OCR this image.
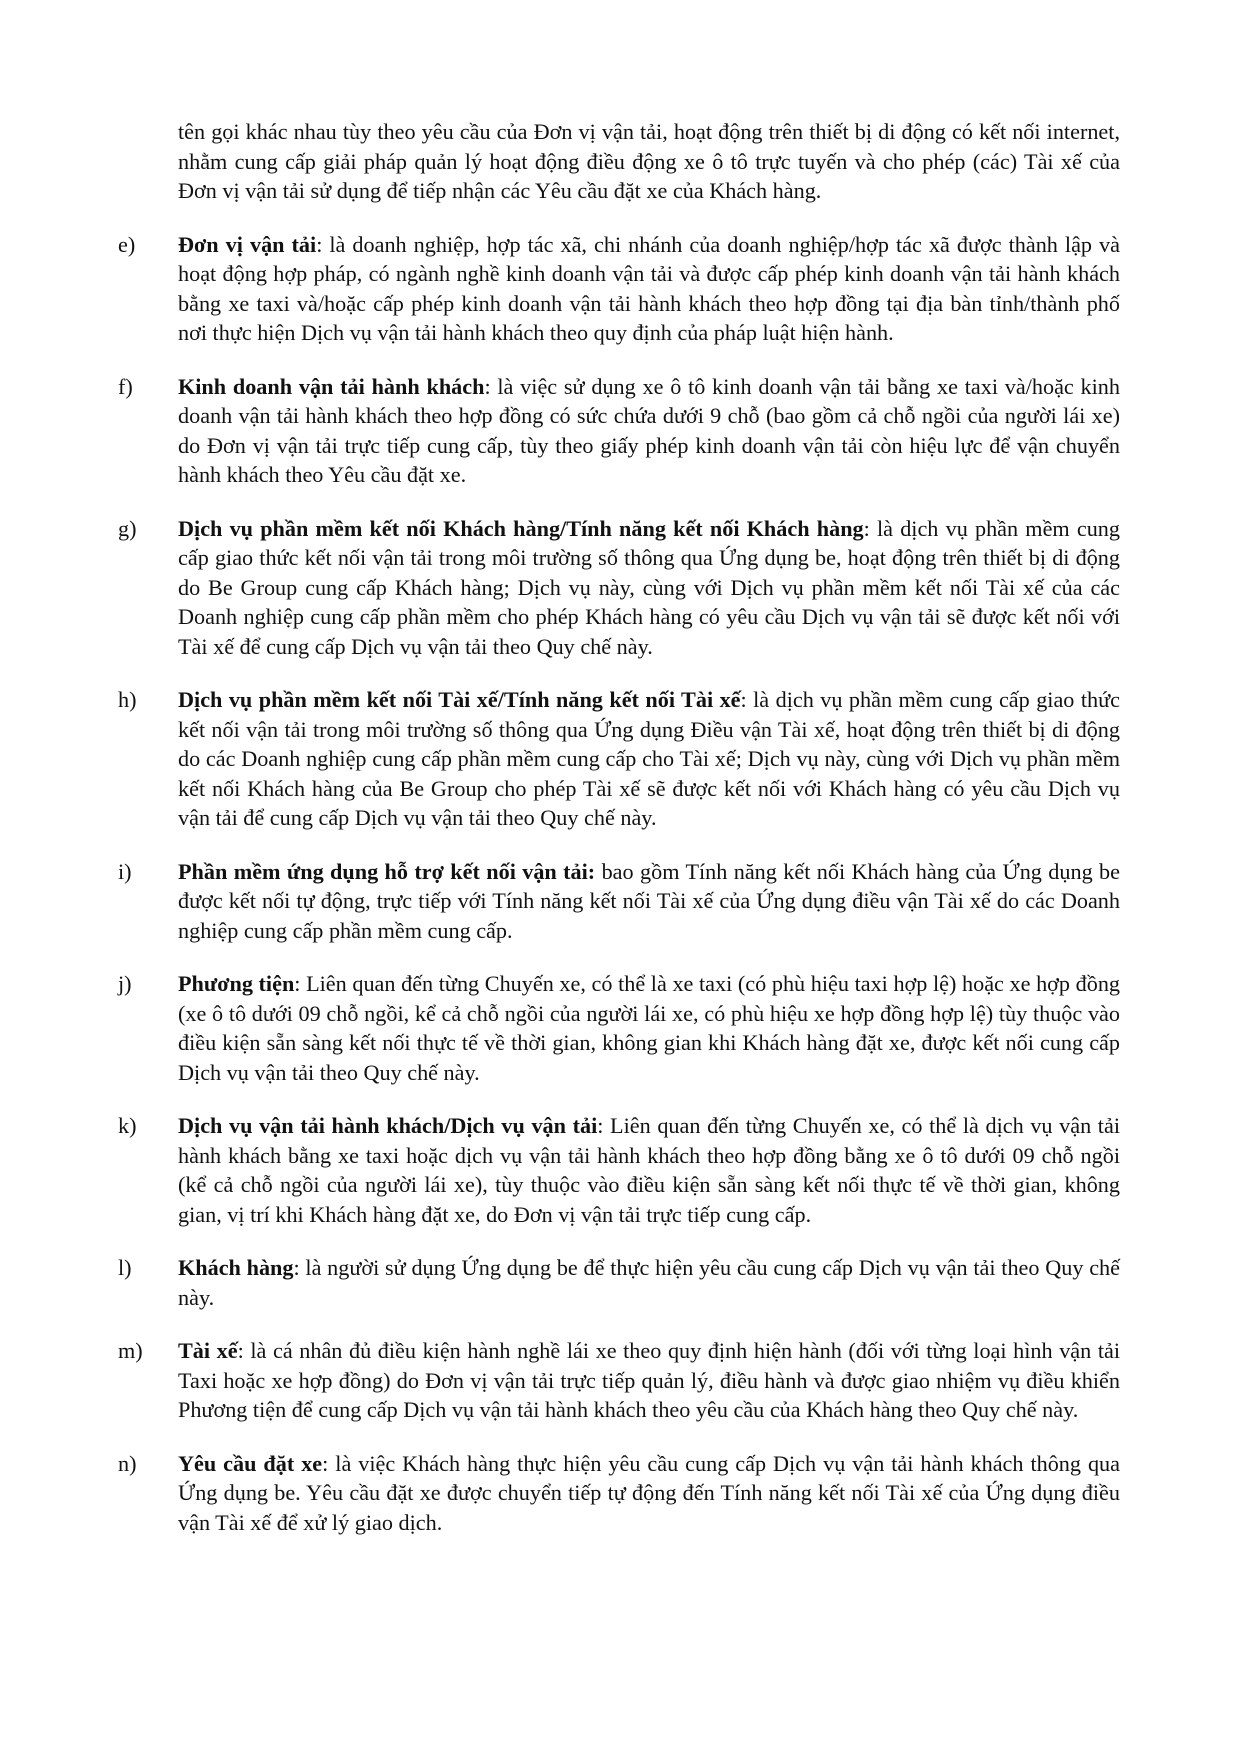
tên gọi khác nhau tùy theo yêu cầu của Đơn vị vận tải, hoạt động trên thiết bị di động có kết nối internet, nhằm cung cấp giải pháp quản lý hoạt động điều động xe ô tô trực tuyến và cho phép (các) Tài xế của Đơn vị vận tải sử dụng để tiếp nhận các Yêu cầu đặt xe của Khách hàng.

e)	Đơn vị vận tải: là doanh nghiệp, hợp tác xã, chi nhánh của doanh nghiệp/hợp tác xã được thành lập và hoạt động hợp pháp, có ngành nghề kinh doanh vận tải và được cấp phép kinh doanh vận tải hành khách bằng xe taxi và/hoặc cấp phép kinh doanh vận tải hành khách theo hợp đồng tại địa bàn tỉnh/thành phố nơi thực hiện Dịch vụ vận tải hành khách theo quy định của pháp luật hiện hành.
f)	Kinh doanh vận tải hành khách: là việc sử dụng xe ô tô kinh doanh vận tải bằng xe taxi và/hoặc kinh doanh vận tải hành khách theo hợp đồng có sức chứa dưới 9 chỗ (bao gồm cả chỗ ngồi của người lái xe) do Đơn vị vận tải trực tiếp cung cấp, tùy theo giấy phép kinh doanh vận tải còn hiệu lực để vận chuyển hành khách theo Yêu cầu đặt xe.
g)	Dịch vụ phần mềm kết nối Khách hàng/Tính năng kết nối Khách hàng: là dịch vụ phần mềm cung cấp giao thức kết nối vận tải trong môi trường số thông qua Ứng dụng be, hoạt động trên thiết bị di động do Be Group cung cấp Khách hàng; Dịch vụ này, cùng với Dịch vụ phần mềm kết nối Tài xế của các Doanh nghiệp cung cấp phần mềm cho phép Khách hàng có yêu cầu Dịch vụ vận tải sẽ được kết nối với Tài xế để cung cấp Dịch vụ vận tải theo Quy chế này.
h)	Dịch vụ phần mềm kết nối Tài xế/Tính năng kết nối Tài xế: là dịch vụ phần mềm cung cấp giao thức kết nối vận tải trong môi trường số thông qua Ứng dụng Điều vận Tài xế, hoạt động trên thiết bị di động do các Doanh nghiệp cung cấp phần mềm cung cấp cho Tài xế; Dịch vụ này, cùng với Dịch vụ phần mềm kết nối Khách hàng của Be Group cho phép Tài xế sẽ được kết nối với Khách hàng có yêu cầu Dịch vụ vận tải để cung cấp Dịch vụ vận tải theo Quy chế này.
i)	Phần mềm ứng dụng hỗ trợ kết nối vận tải: bao gồm Tính năng kết nối Khách hàng của Ứng dụng be được kết nối tự động, trực tiếp với Tính năng kết nối Tài xế của Ứng dụng điều vận Tài xế do các Doanh nghiệp cung cấp phần mềm cung cấp.
j)	Phương tiện: Liên quan đến từng Chuyến xe, có thể là xe taxi (có phù hiệu taxi hợp lệ) hoặc xe hợp đồng (xe ô tô dưới 09 chỗ ngồi, kể cả chỗ ngồi của người lái xe, có phù hiệu xe hợp đồng hợp lệ) tùy thuộc vào điều kiện sẵn sàng kết nối thực tế về thời gian, không gian khi Khách hàng đặt xe, được kết nối cung cấp Dịch vụ vận tải theo Quy chế này.
k)	Dịch vụ vận tải hành khách/Dịch vụ vận tải: Liên quan đến từng Chuyến xe, có thể là dịch vụ vận tải hành khách bằng xe taxi hoặc dịch vụ vận tải hành khách theo hợp đồng bằng xe ô tô dưới 09 chỗ ngồi (kể cả chỗ ngồi của người lái xe), tùy thuộc vào điều kiện sẵn sàng kết nối thực tế về thời gian, không gian, vị trí khi Khách hàng đặt xe, do Đơn vị vận tải trực tiếp cung cấp.
l)	Khách hàng: là người sử dụng Ứng dụng be để thực hiện yêu cầu cung cấp Dịch vụ vận tải theo Quy chế này.
m)	Tài xế: là cá nhân đủ điều kiện hành nghề lái xe theo quy định hiện hành (đối với từng loại hình vận tải Taxi hoặc xe hợp đồng) do Đơn vị vận tải trực tiếp quản lý, điều hành và được giao nhiệm vụ điều khiển Phương tiện để cung cấp Dịch vụ vận tải hành khách theo yêu cầu của Khách hàng theo Quy chế này.
n)	Yêu cầu đặt xe: là việc Khách hàng thực hiện yêu cầu cung cấp Dịch vụ vận tải hành khách thông qua Ứng dụng be. Yêu cầu đặt xe được chuyển tiếp tự động đến Tính năng kết nối Tài xế của Ứng dụng điều vận Tài xế để xử lý giao dịch.
